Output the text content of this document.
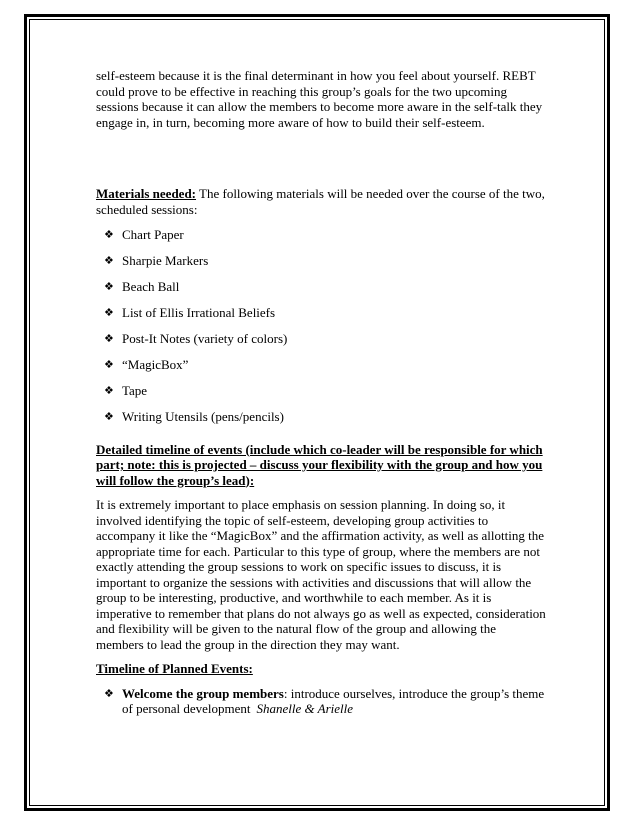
self-esteem because it is the final determinant in how you feel about yourself. REBT could prove to be effective in reaching this group’s goals for the two upcoming sessions because it can allow the members to become more aware in the self-talk they engage in, in turn, becoming more aware of how to build their self-esteem.

Materials needed: The following materials will be needed over the course of the two, scheduled sessions:

❖ Chart Paper
❖ Sharpie Markers
❖ Beach Ball
❖ List of Ellis Irrational Beliefs
❖ Post-It Notes (variety of colors)
❖ “MagicBox”
❖ Tape
❖ Writing Utensils (pens/pencils)

Detailed timeline of events (include which co-leader will be responsible for which part; note: this is projected – discuss your flexibility with the group and how you will follow the group’s lead):

It is extremely important to place emphasis on session planning. In doing so, it involved identifying the topic of self-esteem, developing group activities to accompany it like the “MagicBox” and the affirmation activity, as well as allotting the appropriate time for each. Particular to this type of group, where the members are not exactly attending the group sessions to work on specific issues to discuss, it is important to organize the sessions with activities and discussions that will allow the group to be interesting, productive, and worthwhile to each member. As it is imperative to remember that plans do not always go as well as expected, consideration and flexibility will be given to the natural flow of the group and allowing the members to lead the group in the direction they may want.

Timeline of Planned Events:

❖ Welcome the group members: introduce ourselves, introduce the group’s theme of personal development Shanelle & Arielle
